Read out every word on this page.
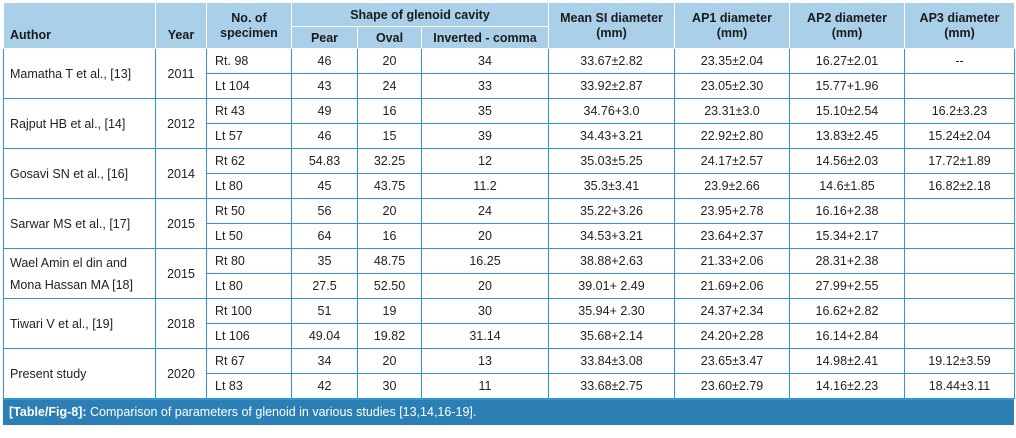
Author	Year	No. of specimen	Shape of glenoid cavity			Mean SI diameter (mm)	AP1 diameter (mm)	AP2 diameter (mm)	AP3 diameter (mm)
			Pear	Oval	Inverted - comma				
Mamatha T et al., [13]	2011	Rt. 98	46	20	34	33.67±2.82	23.35±2.04	16.27±2.01	--
		Lt 104	43	24	33	33.92±2.87	23.05±2.30	15.77+1.96	
Rajput HB et al., [14]	2012	Rt 43	49	16	35	34.76+3.0	23.31±3.0	15.10±2.54	16.2±3.23
		Lt 57	46	15	39	34.43+3.21	22.92±2.80	13.83±2.45	15.24±2.04
Gosavi SN et al., [16]	2014	Rt 62	54.83	32.25	12	35.03±5.25	24.17±2.57	14.56±2.03	17.72±1.89
		Lt 80	45	43.75	11.2	35.3±3.41	23.9±2.66	14.6±1.85	16.82±2.18
Sarwar MS et al., [17]	2015	Rt 50	56	20	24	35.22+3.26	23.95+2.78	16.16+2.38	
		Lt 50	64	16	20	34.53+3.21	23.64+2.37	15.34+2.17	
Wael Amin el din and Mona Hassan MA [18]	2015	Rt 80	35	48.75	16.25	38.88+2.63	21.33+2.06	28.31+2.38	
		Lt 80	27.5	52.50	20	39.01+ 2.49	21.69+2.06	27.99+2.55	
Tiwari V et al., [19]	2018	Rt 100	51	19	30	35.94+ 2.30	24.37+2.34	16.62+2.82	
		Lt 106	49.04	19.82	31.14	35.68+2.14	24.20+2.28	16.14+2.84	
Present study	2020	Rt 67	34	20	13	33.84±3.08	23.65±3.47	14.98±2.41	19.12±3.59
		Lt 83	42	30	11	33.68±2.75	23.60±2.79	14.16±2.23	18.44±3.11
[Table/Fig-8]: Comparison of parameters of glenoid in various studies [13,14,16-19].
